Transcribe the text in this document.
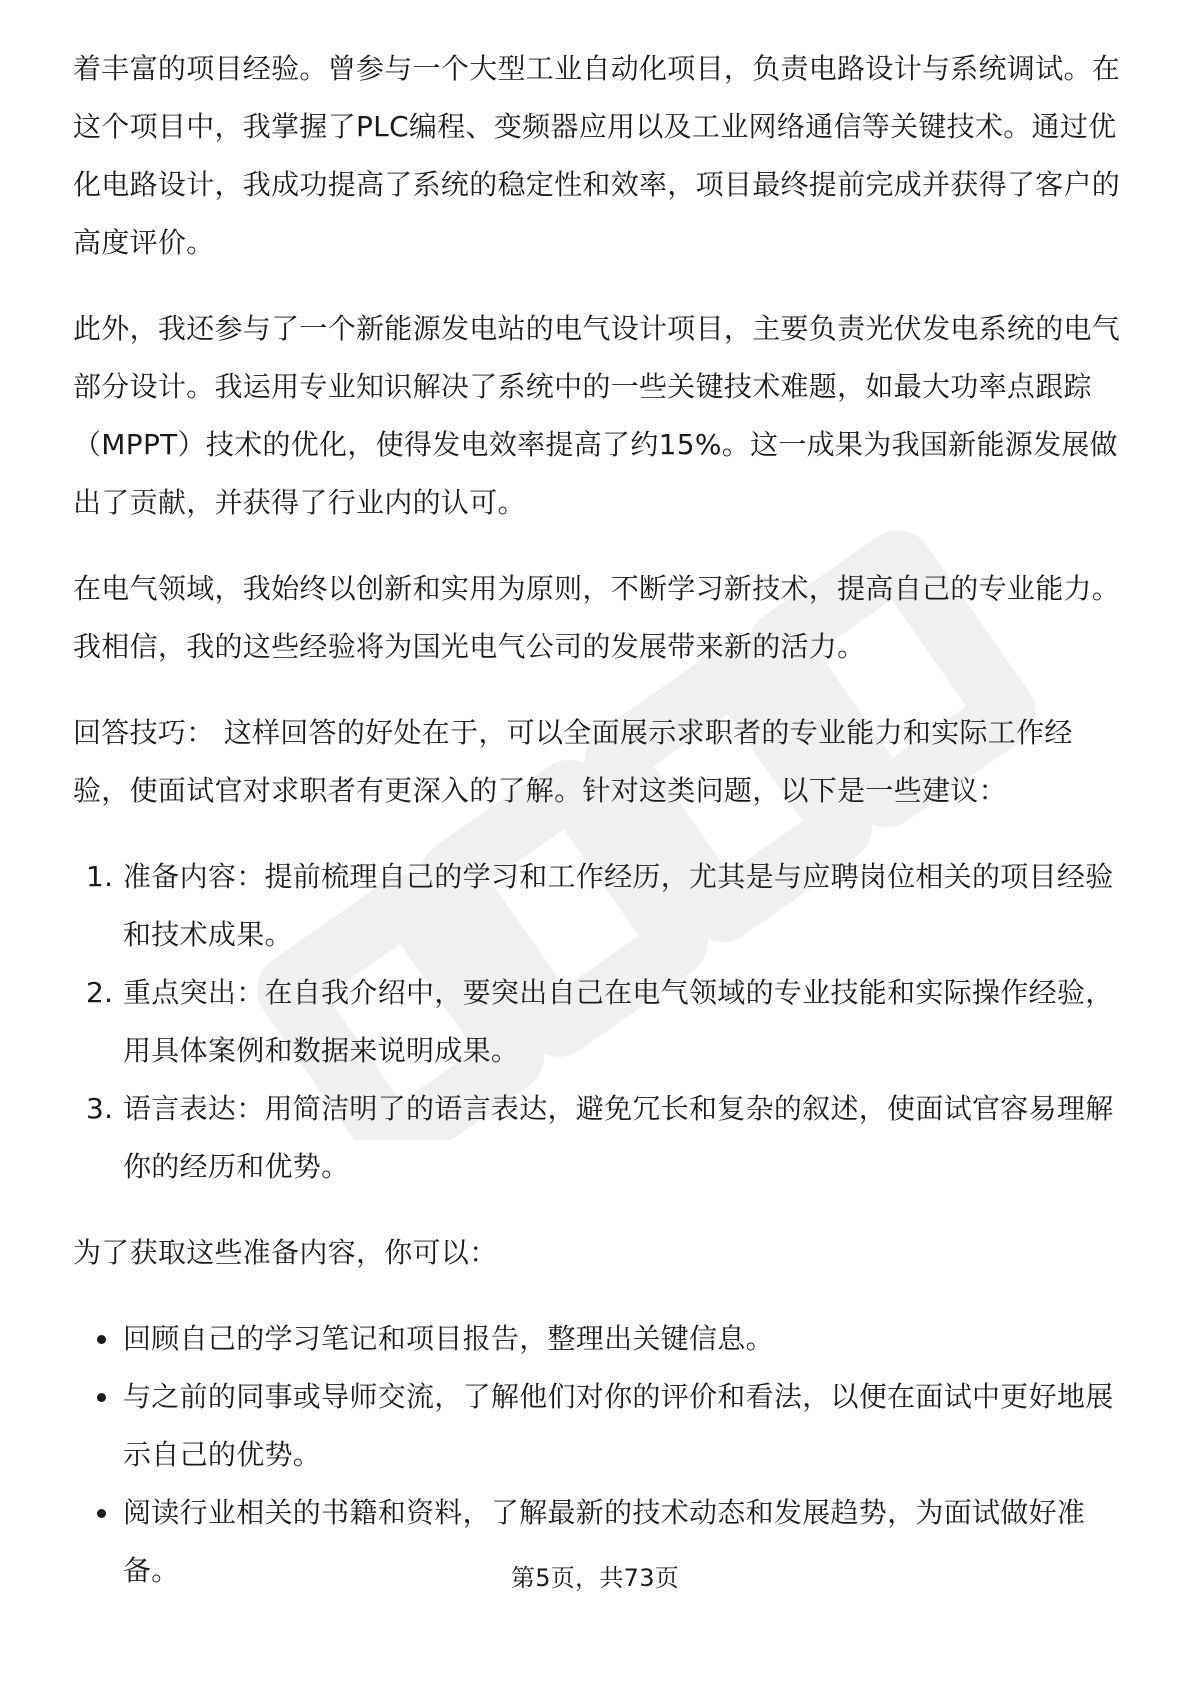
着丰富的项目经验。曾参与一个大型工业自动化项目，负责电路设计与系统调试。在这个项目中，我掌握了PLC编程、变频器应用以及工业网络通信等关键技术。通过优化电路设计，我成功提高了系统的稳定性和效率，项目最终提前完成并获得了客户的高度评价。

此外，我还参与了一个新能源发电站的电气设计项目，主要负责光伏发电系统的电气部分设计。我运用专业知识解决了系统中的一些关键技术难题，如最大功率点跟踪（MPPT）技术的优化，使得发电效率提高了约15%。这一成果为我国新能源发展做出了贡献，并获得了行业内的认可。

在电气领域，我始终以创新和实用为原则，不断学习新技术，提高自己的专业能力。我相信，我的这些经验将为国光电气公司的发展带来新的活力。

回答技巧： 这样回答的好处在于，可以全面展示求职者的专业能力和实际工作经验，使面试官对求职者有更深入的了解。针对这类问题，以下是一些建议：

1. 准备内容：提前梳理自己的学习和工作经历，尤其是与应聘岗位相关的项目经验和技术成果。
2. 重点突出：在自我介绍中，要突出自己在电气领域的专业技能和实际操作经验，用具体案例和数据来说明成果。
3. 语言表达：用简洁明了的语言表达，避免冗长和复杂的叙述，使面试官容易理解你的经历和优势。

为了获取这些准备内容，你可以：

回顾自己的学习笔记和项目报告，整理出关键信息。
与之前的同事或导师交流，了解他们对你的评价和看法，以便在面试中更好地展示自己的优势。
阅读行业相关的书籍和资料，了解最新的技术动态和发展趋势，为面试做好准备。	第5页，共73页
